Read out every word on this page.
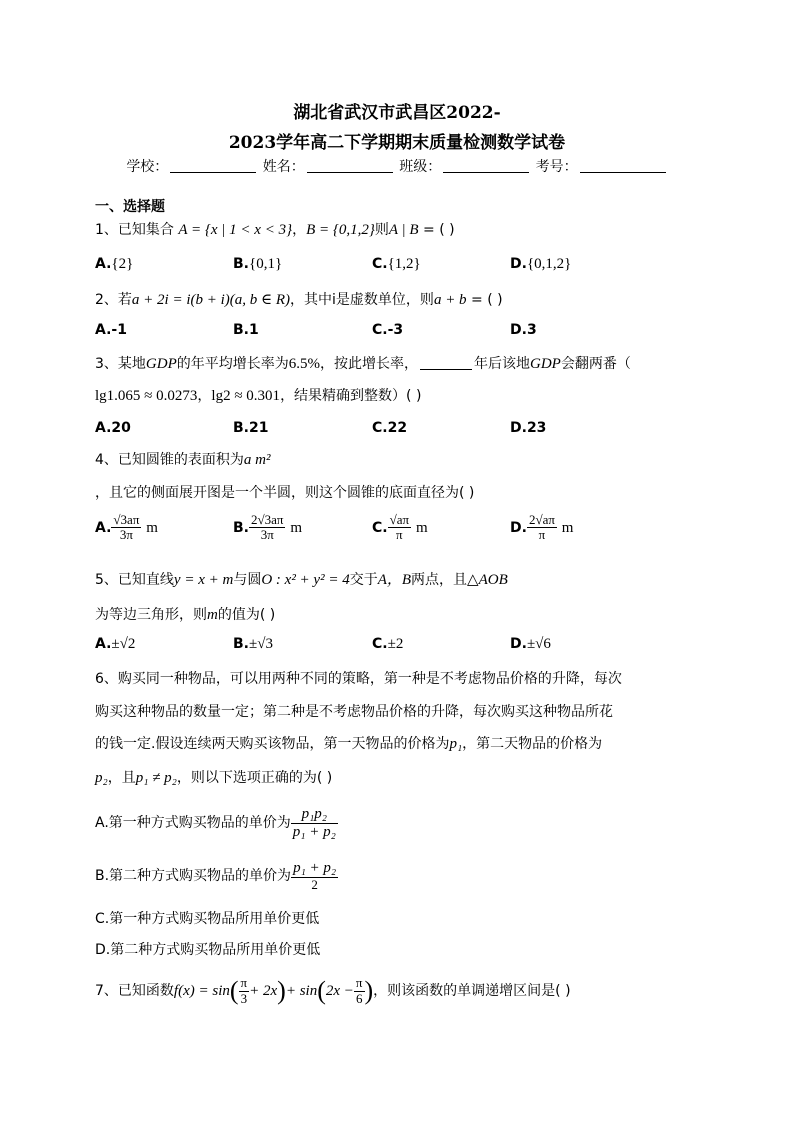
湖北省武汉市武昌区2022-
2023学年高二下学期期末质量检测数学试卷
学校：	姓名：	班级：	考号：
一、选择题
1、已知集合 A = {x | 1 < x < 3}，B = {0,1,2}则A | B = ( )
A.{2}	B.{0,1}	C.{1,2}	D.{0,1,2}
2、若a + 2i = i(b + i)(a, b ∈ R)，其中i是虚数单位，则a + b = ( )
A.-1	B.1	C.-3	D.3
3、某地GDP的年平均增长率为6.5%，按此增长率，	年后该地GDP会翻两番（
lg1.065 ≈ 0.0273，lg2 ≈ 0.301，结果精确到整数）( )
A.20	B.21	C.22	D.23
4、已知圆锥的表面积为a m²
，且它的侧面展开图是一个半圆，则这个圆锥的底面直径为( )
A. $\frac{√3a\pi}{3\pi}$ m	B. $\frac{2√3a\pi}{3\pi}$ m	C. $\frac{√a\pi}{\pi}$ m	D. $\frac{2√a\pi}{\pi}$ m
5、已知直线y = x + m与圆O : x² + y² = 4交于A，B两点，且△AOB
为等边三角形，则m的值为( )
A.±√2	B.±√3	C.±2	D.±√6
6、购买同一种物品，可以用两种不同的策略，第一种是不考虑物品价格的升降，每次
购买这种物品的数量一定；第二种是不考虑物品价格的升降，每次购买这种物品所花
的钱一定.假设连续两天购买该物品，第一天物品的价格为p₁，第二天物品的价格为
p₂，且p₁ ≠ p₂，则以下选项正确的为( )
A.第一种方式购买物品的单价为 $\frac{\text{p₁p₂}}{\text{p₁ + p₂}}$
B.第二种方式购买物品的单价为 $\frac{\text{p₁ + p₂}}{2}$
C.第一种方式购买物品所用单价更低
D.第二种方式购买物品所用单价更低
7、已知函数$f(x) = \sin( \frac{\pi}{3} + 2x)+ \sin(2x - \frac{\pi}{6}$ )，则该函数的单调递增区间是( )
